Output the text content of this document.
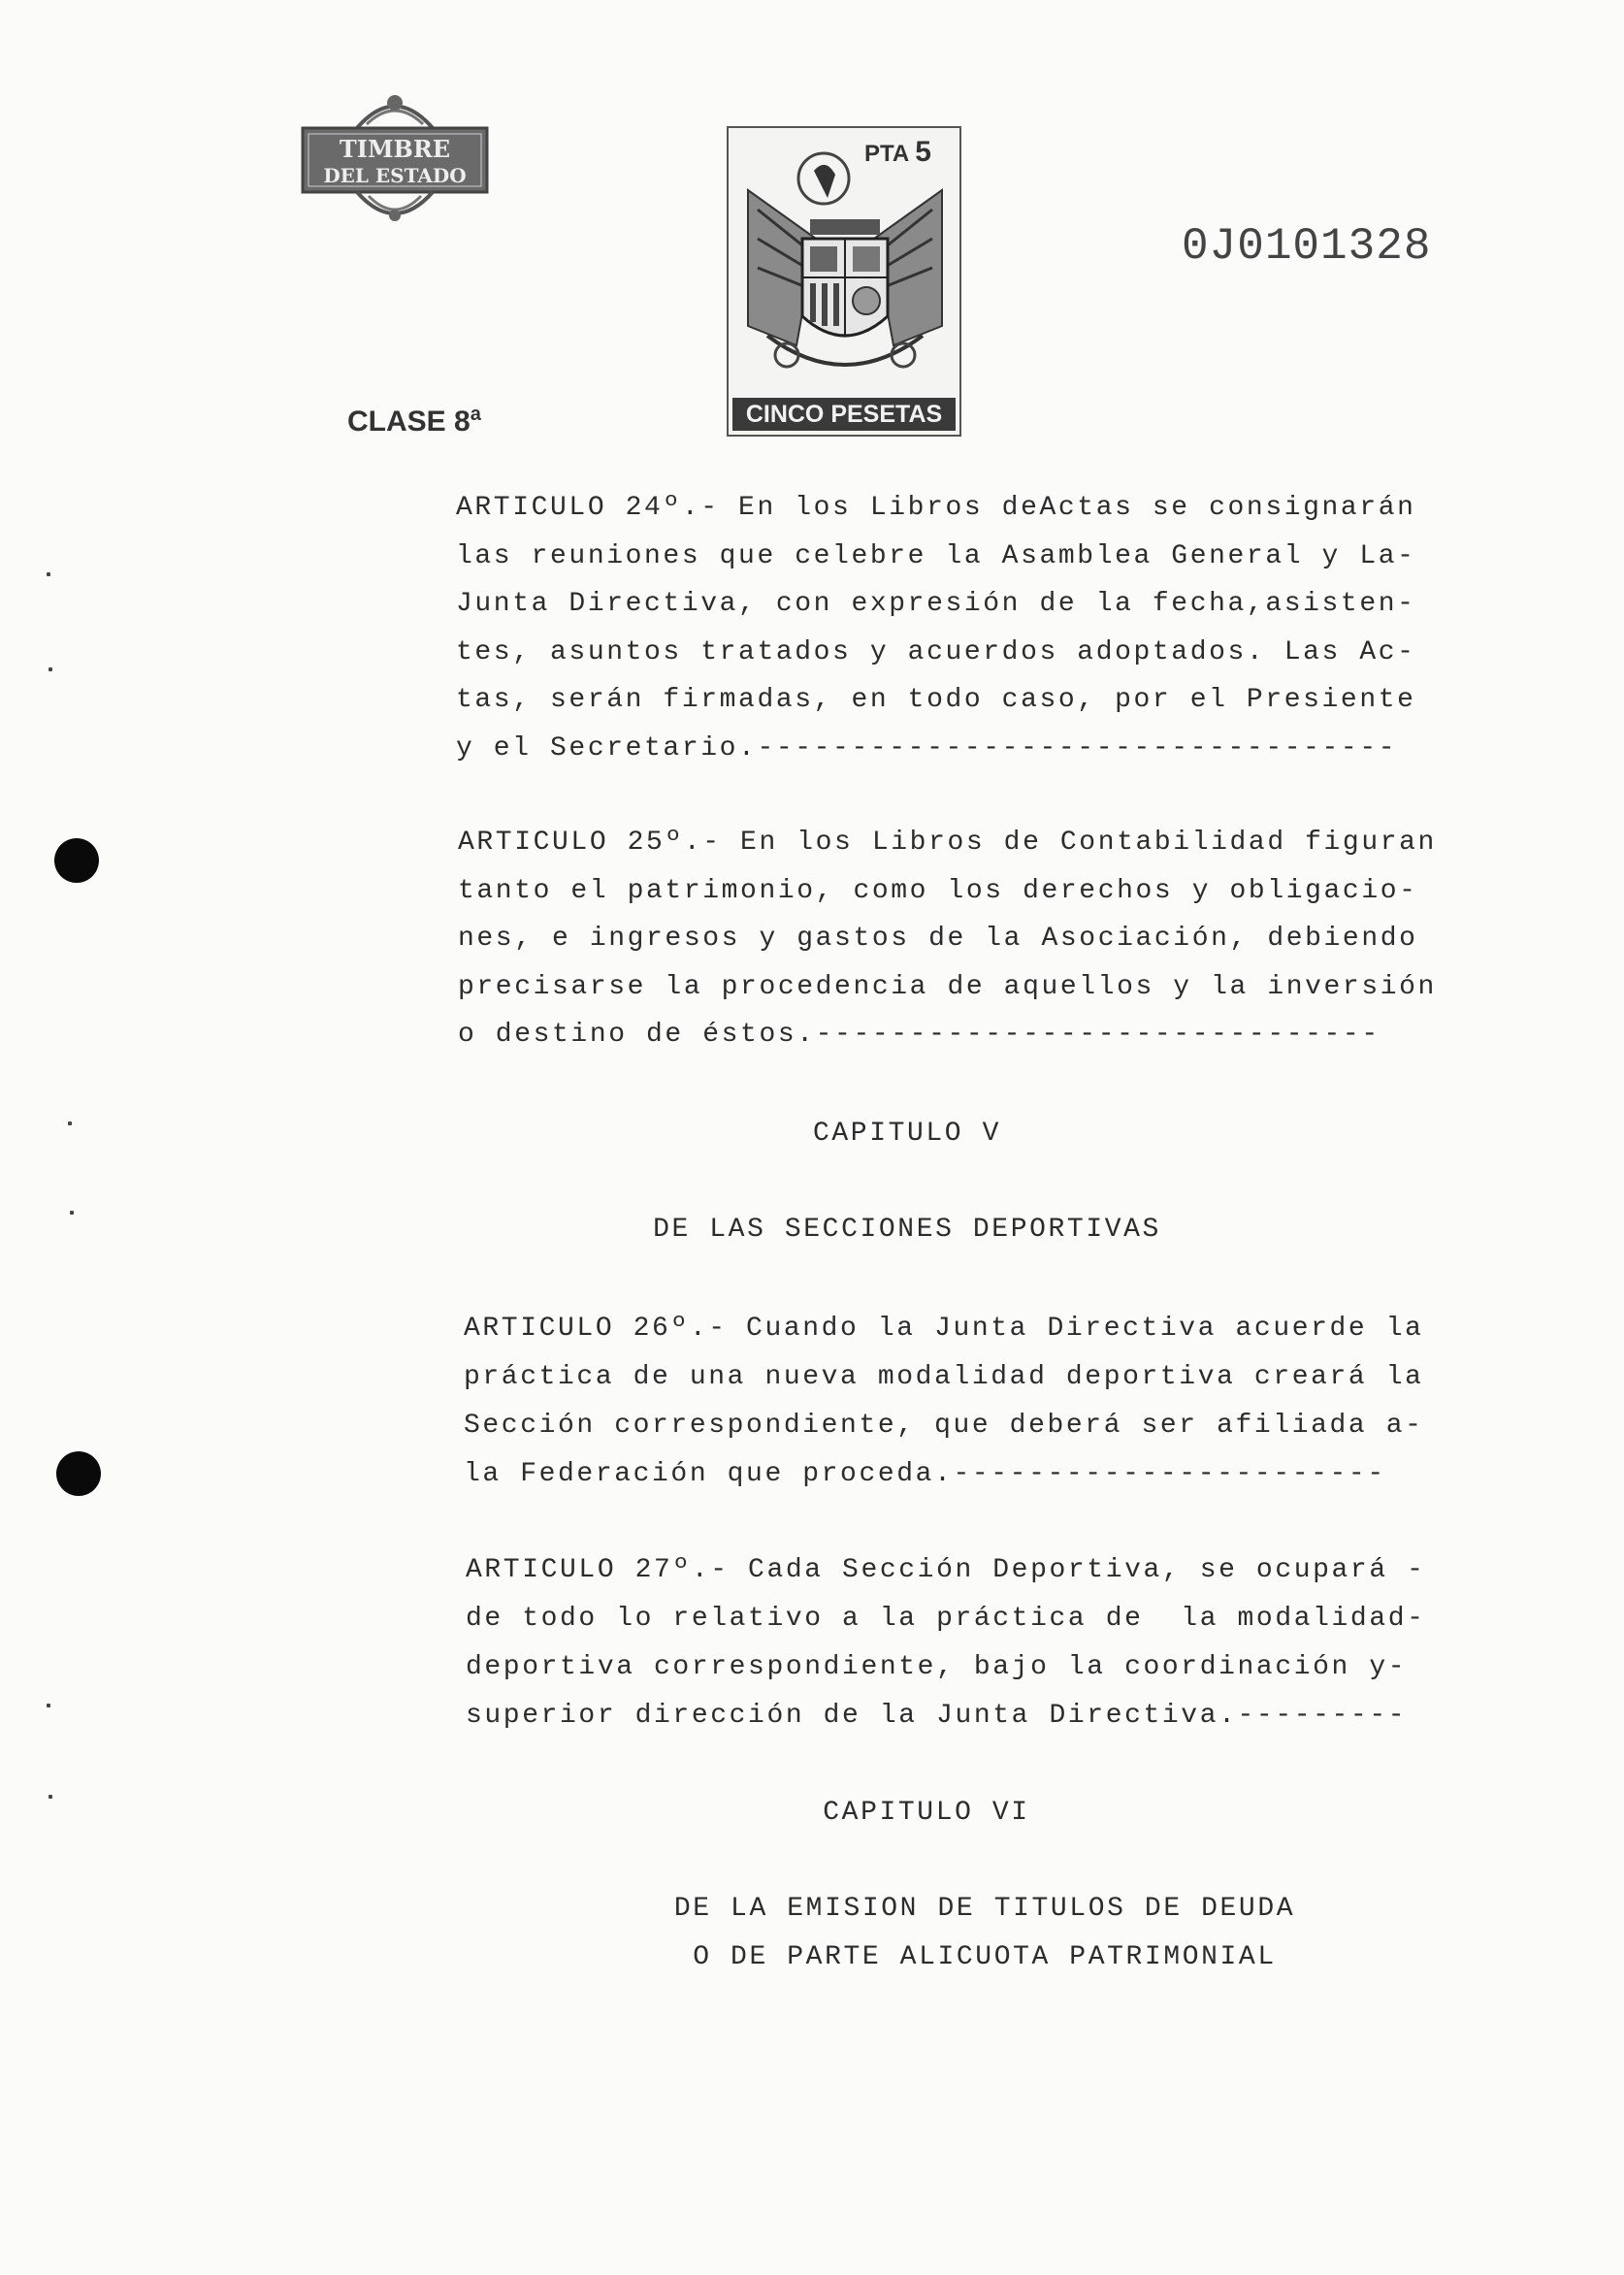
TIMBRE
DEL ESTADO
PTA 5
CINCO PESETAS
0J0101328
CLASE 8$^a$
ARTICULO 24º.- En los Libros deActas se consignarán
las reuniones que celebre la Asamblea General y La-
Junta Directiva, con expresión de la fecha,asisten-
tes, asuntos tratados y acuerdos adoptados. Las Ac-
tas, serán firmadas, en todo caso, por el Presiente
y el Secretario.----------------------------------
ARTICULO 25º.- En los Libros de Contabilidad figuran
tanto el patrimonio, como los derechos y obligacio-
nes, e ingresos y gastos de la Asociación, debiendo
precisarse la procedencia de aquellos y la inversión
o destino de éstos.------------------------------
CAPITULO V
DE LAS SECCIONES DEPORTIVAS
ARTICULO 26º.- Cuando la Junta Directiva acuerde la
práctica de una nueva modalidad deportiva creará la
Sección correspondiente, que deberá ser afiliada a-
la Federación que proceda.-----------------------
ARTICULO 27º.- Cada Sección Deportiva, se ocupará -
de todo lo relativo a la práctica de  la modalidad-
deportiva correspondiente, bajo la coordinación y-
superior dirección de la Junta Directiva.---------
CAPITULO VI
DE LA EMISION DE TITULOS DE DEUDA
O DE PARTE ALICUOTA PATRIMONIAL
